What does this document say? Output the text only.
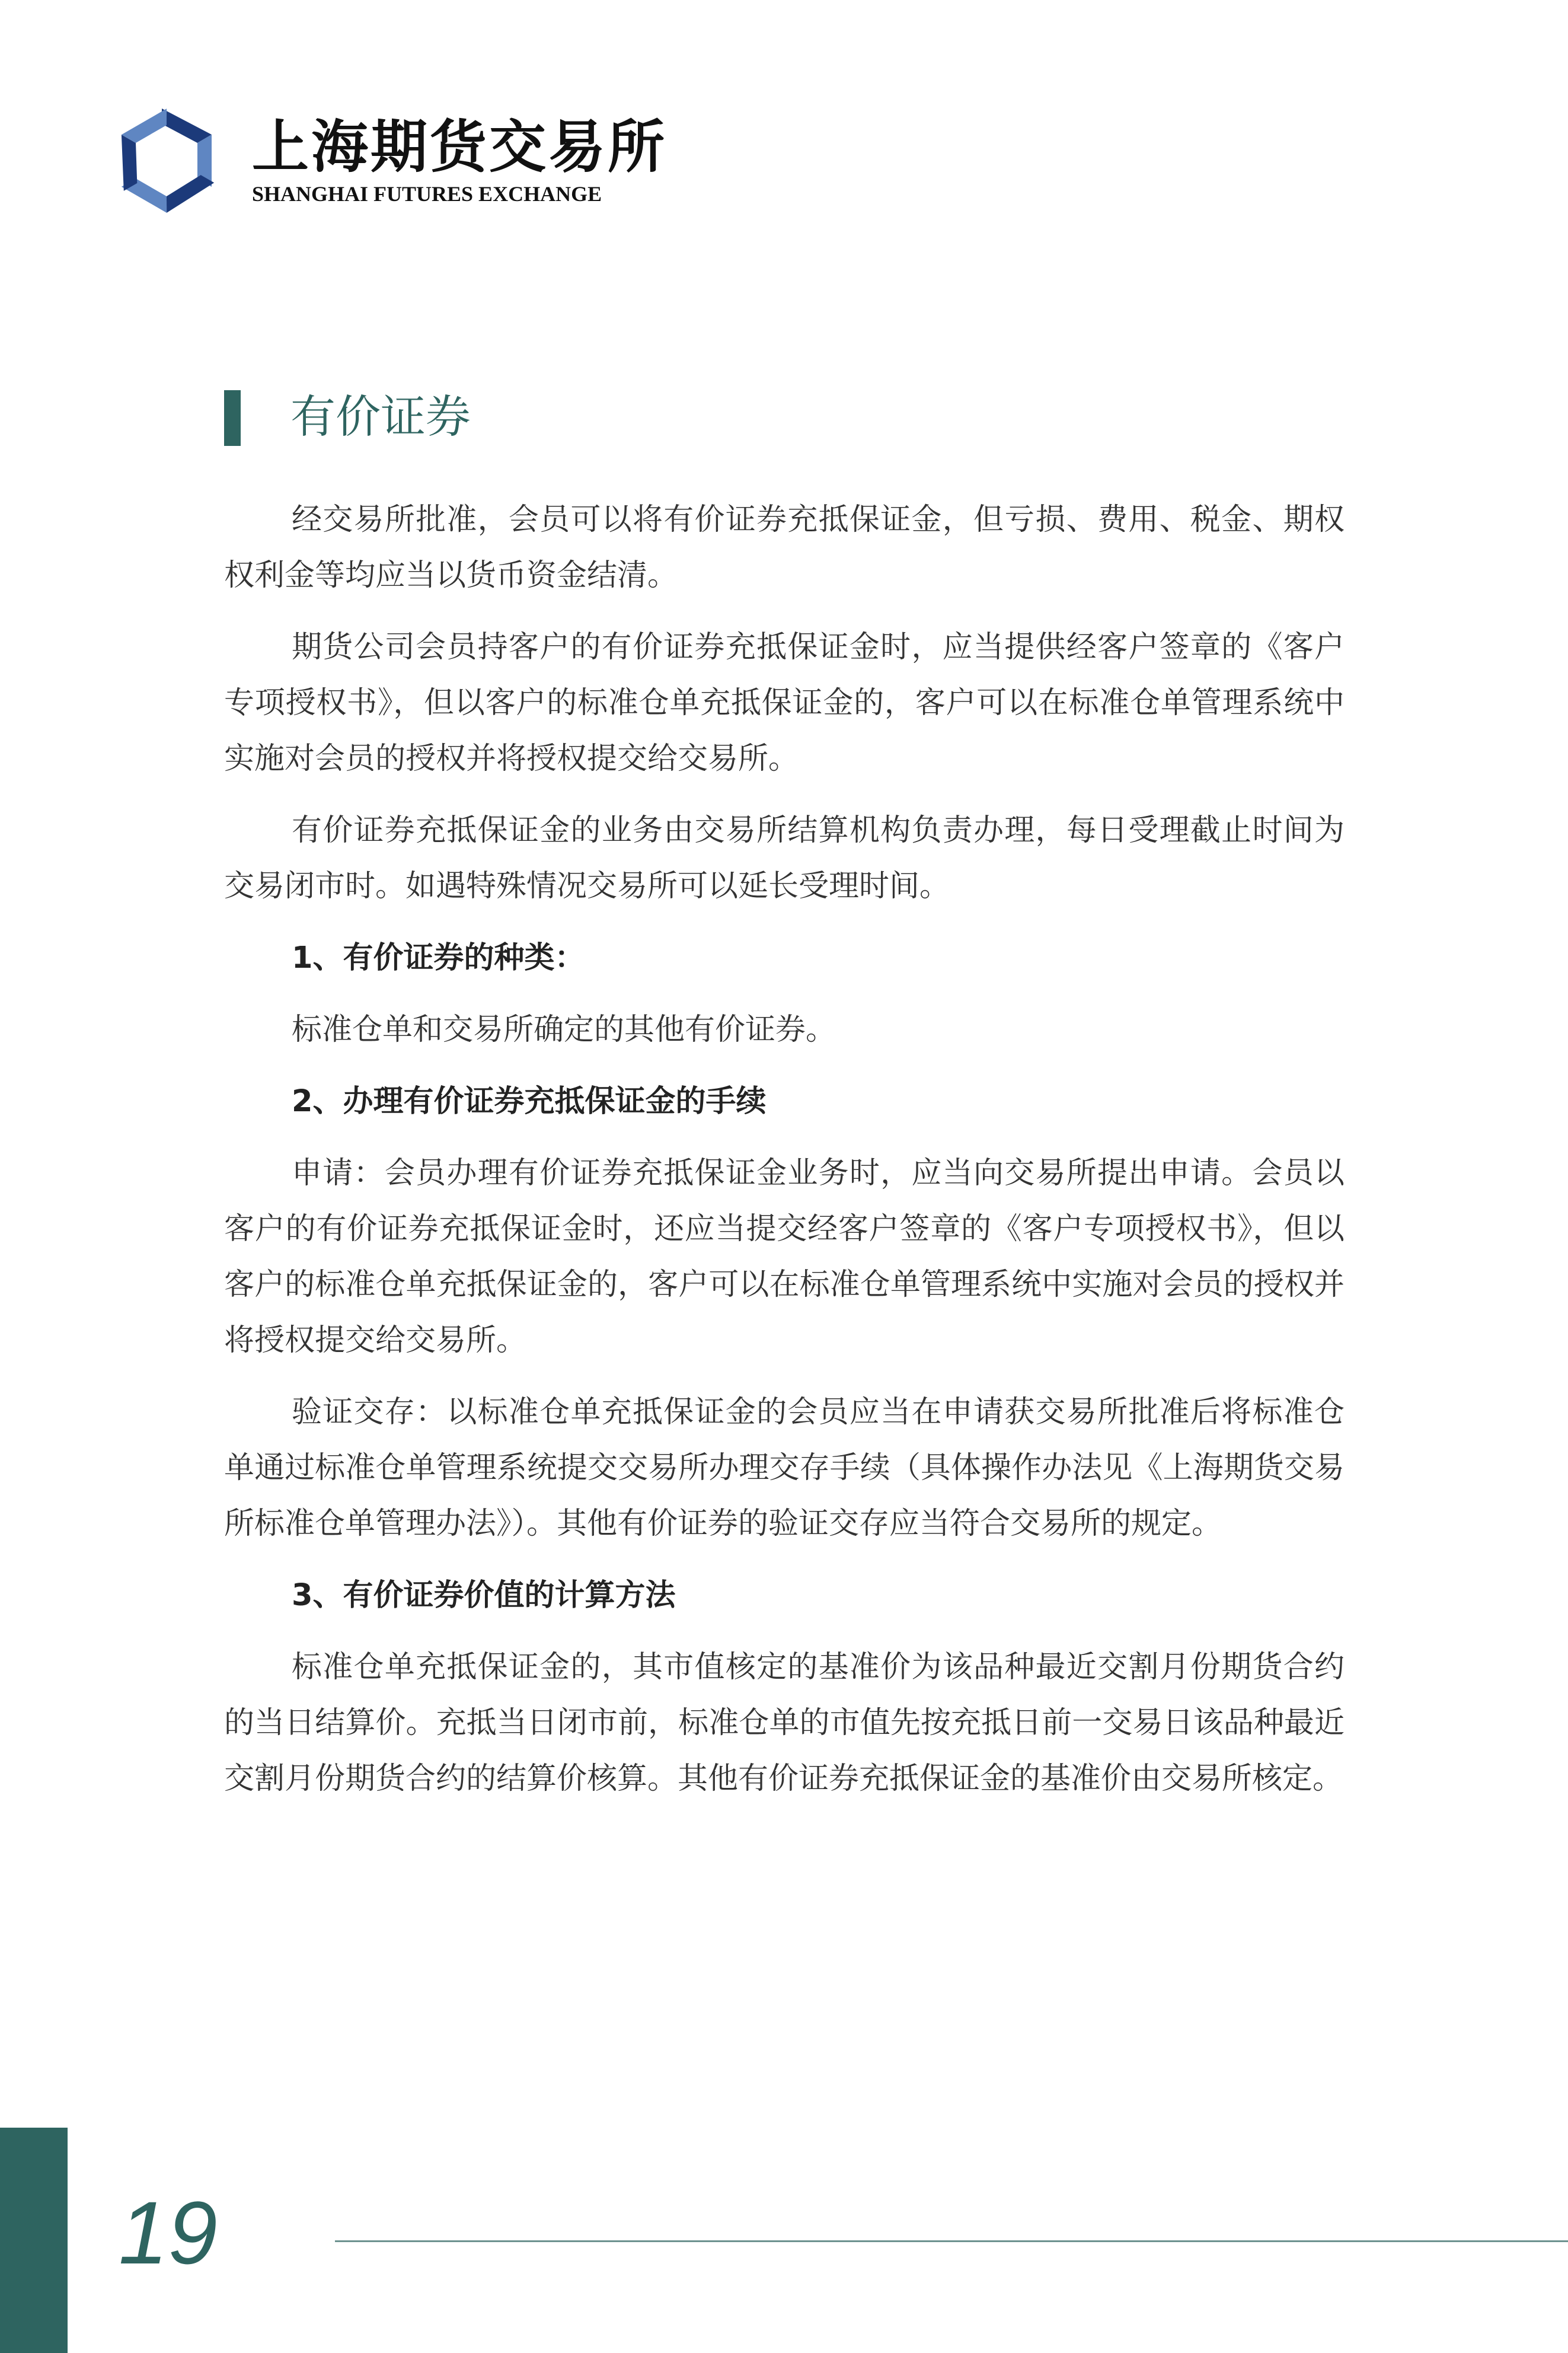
上海期货交易所
SHANGHAI FUTURES EXCHANGE
有价证券

经交易所批准，会员可以将有价证券充抵保证金，但亏损、费用、税金、期权权利金等均应当以货币资金结清。

期货公司会员持客户的有价证券充抵保证金时，应当提供经客户签章的《客户专项授权书》，但以客户的标准仓单充抵保证金的，客户可以在标准仓单管理系统中实施对会员的授权并将授权提交给交易所。

有价证券充抵保证金的业务由交易所结算机构负责办理，每日受理截止时间为交易闭市时。如遇特殊情况交易所可以延长受理时间。

1、有价证券的种类：

标准仓单和交易所确定的其他有价证券。

2、办理有价证券充抵保证金的手续

申请：会员办理有价证券充抵保证金业务时，应当向交易所提出申请。会员以客户的有价证券充抵保证金时，还应当提交经客户签章的《客户专项授权书》，但以客户的标准仓单充抵保证金的，客户可以在标准仓单管理系统中实施对会员的授权并将授权提交给交易所。

验证交存：以标准仓单充抵保证金的会员应当在申请获交易所批准后将标准仓单通过标准仓单管理系统提交交易所办理交存手续（具体操作办法见《上海期货交易所标准仓单管理办法》）。其他有价证券的验证交存应当符合交易所的规定。

3、有价证券价值的计算方法

标准仓单充抵保证金的，其市值核定的基准价为该品种最近交割月份期货合约的当日结算价。充抵当日闭市前，标准仓单的市值先按充抵日前一交易日该品种最近交割月份期货合约的结算价核算。其他有价证券充抵保证金的基准价由交易所核定。

19
